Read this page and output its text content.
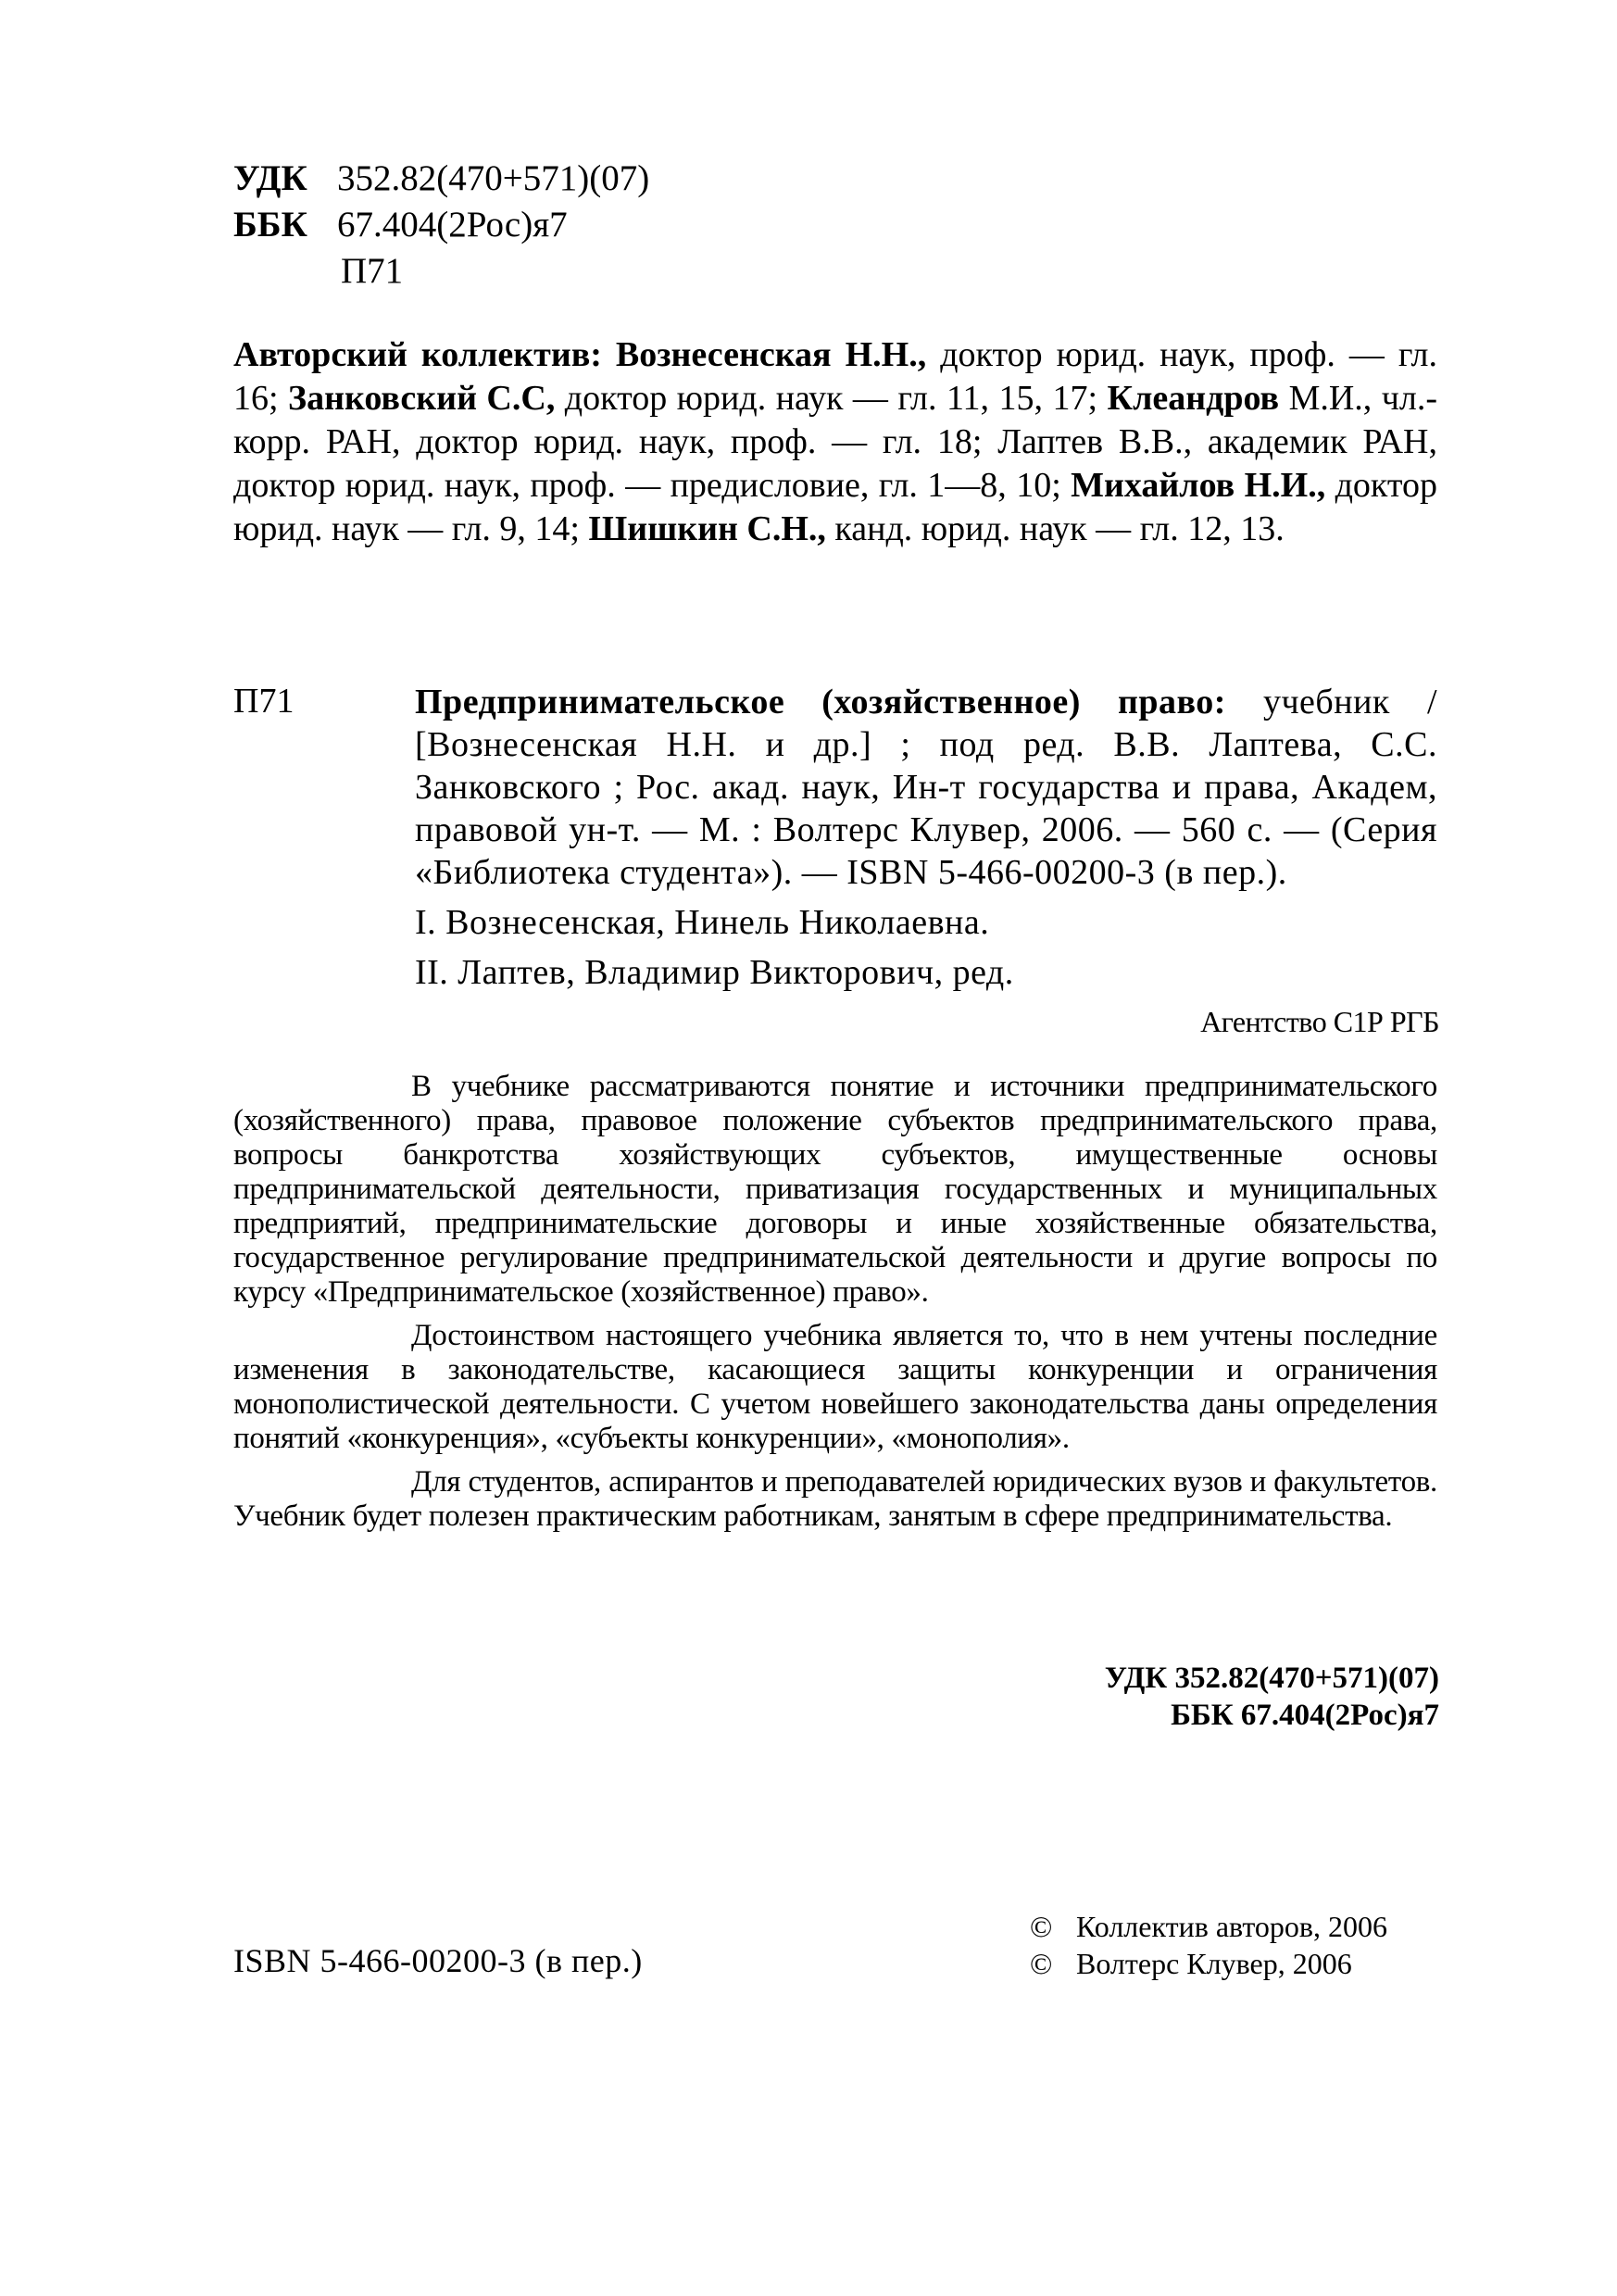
УДК 352.82(470+571)(07)
ББК 67.404(2Рос)я7
П71
Авторский коллектив: Вознесенская Н.Н., доктор юрид. наук, проф. — гл. 16; Занковский С.С, доктор юрид. наук — гл. 11, 15, 17; Клеандров М.И., чл.-корр. РАН, доктор юрид. наук, проф. — гл. 18; Лаптев В.В., академик РАН, доктор юрид. наук, проф. — предисловие, гл. 1—8, 10; Михайлов Н.И., доктор юрид. наук — гл. 9, 14; Шишкин С.Н., канд. юрид. наук — гл. 12, 13.
П71	Предпринимательское (хозяйственное) право: учебник / [Вознесенская Н.Н. и др.] ; под ред. В.В. Лаптева, С.С. Занковского ; Рос. акад. наук, Ин-т государства и права, Академ, правовой ун-т. — М. : Волтерс Клувер, 2006. — 560 с. — (Серия «Библиотека студента»). — ISBN 5-466-00200-3 (в пер.).
I. Вознесенская, Нинель Николаевна.
II. Лаптев, Владимир Викторович, ред.
Агентство С1Р РГБ

В учебнике рассматриваются понятие и источники предпринимательского (хозяйственного) права, правовое положение субъектов предпринимательского права, вопросы банкротства хозяйствующих субъектов, имущественные основы предпринимательской деятельности, приватизация государственных и муниципальных предприятий, предпринимательские договоры и иные хозяйственные обязательства, государственное регулирование предпринимательской деятельности и другие вопросы по курсу «Предпринимательское (хозяйственное) право».

Достоинством настоящего учебника является то, что в нем учтены последние изменения в законодательстве, касающиеся защиты конкуренции и ограничения монополистической деятельности. С учетом новейшего законодательства даны определения понятий «конкуренция», «субъекты конкуренции», «монополия».

Для студентов, аспирантов и преподавателей юридических вузов и факультетов. Учебник будет полезен практическим работникам, занятым в сфере предпринимательства.

УДК 352.82(470+571)(07)
ББК 67.404(2Рос)я7
ISBN 5-466-00200-3 (в пер.)
© Коллектив авторов, 2006
© Волтерс Клувер, 2006
